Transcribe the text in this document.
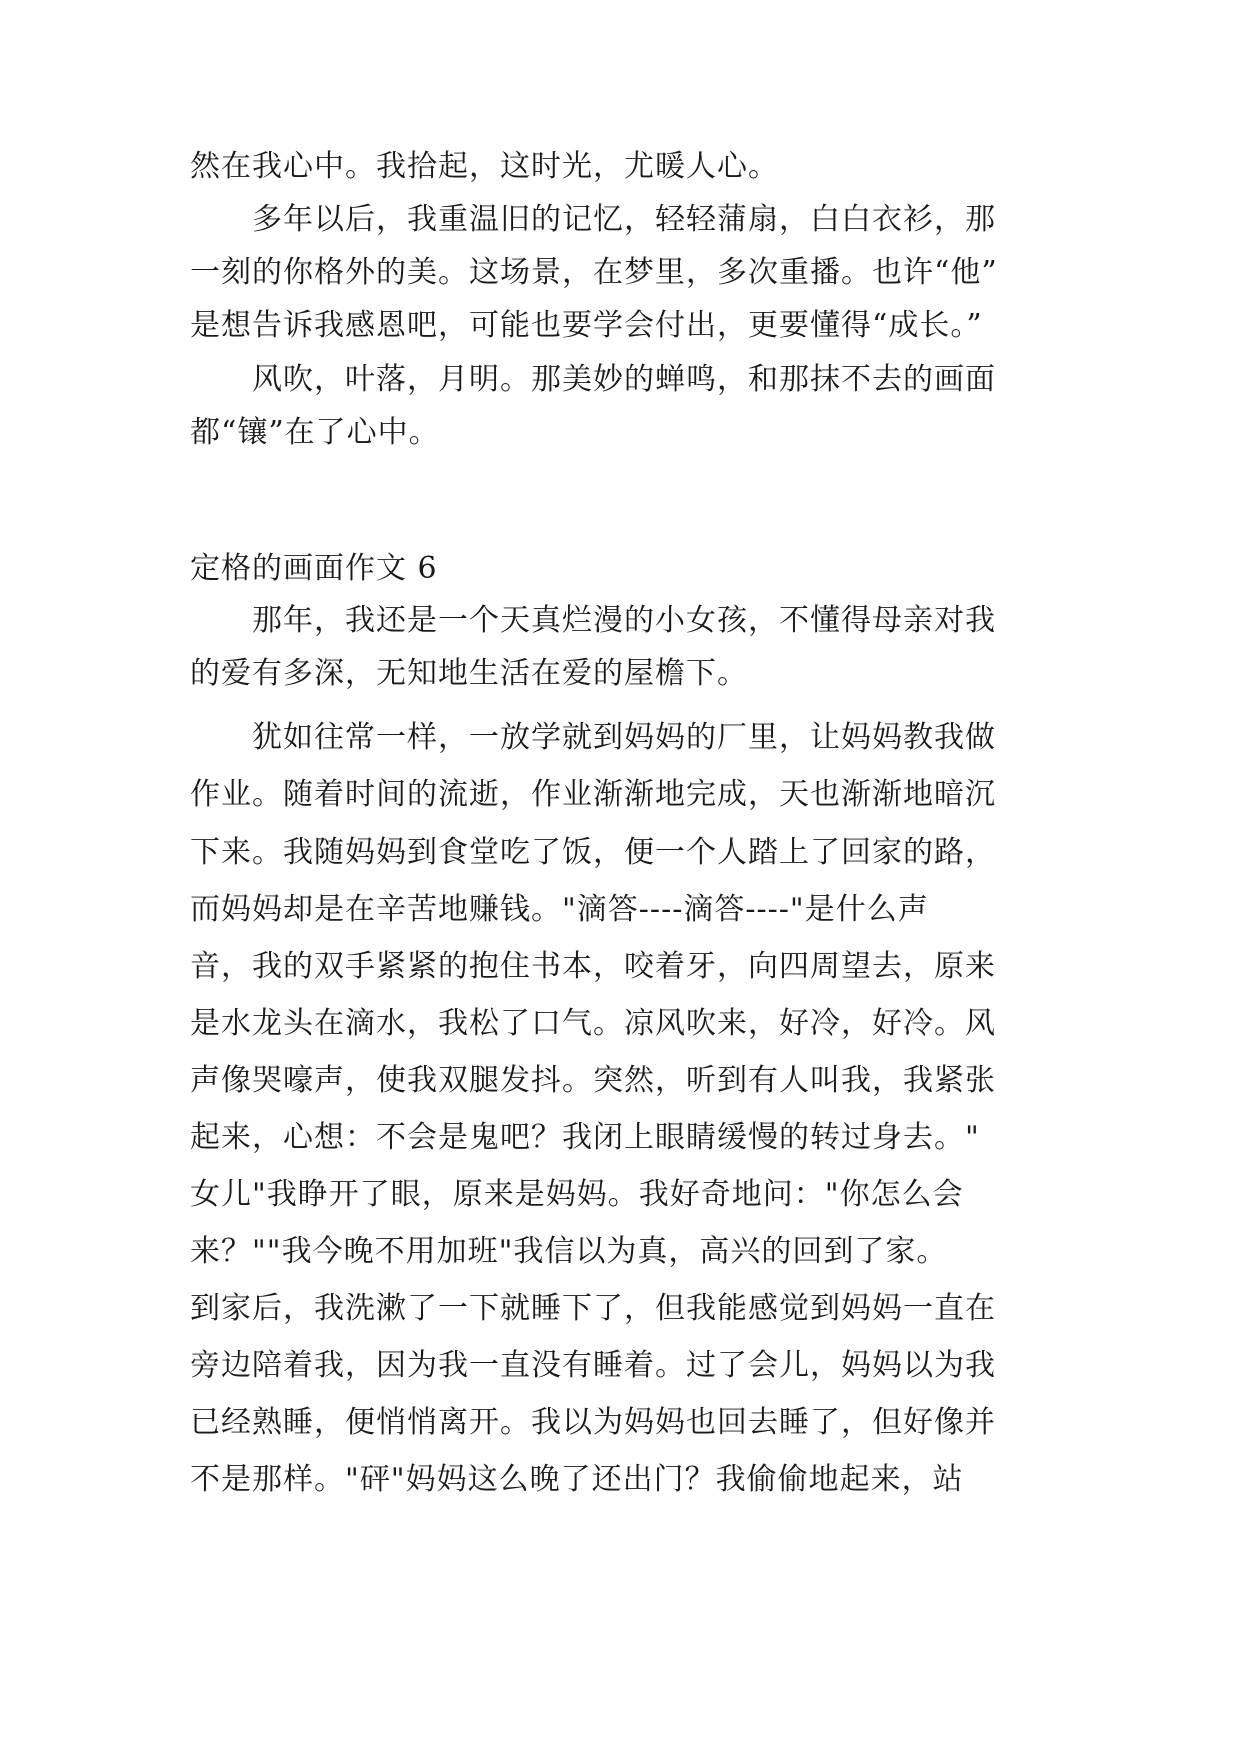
然在我心中。我拾起，这时光，尤暖人心。
多年以后，我重温旧的记忆，轻轻蒲扇，白白衣衫，那
一刻的你格外的美。这场景，在梦里，多次重播。也许“他”
是想告诉我感恩吧，可能也要学会付出，更要懂得“成长。”
风吹，叶落，月明。那美妙的蝉鸣，和那抹不去的画面
都“镶”在了心中。
定格的画面作文 6
那年，我还是一个天真烂漫的小女孩，不懂得母亲对我
的爱有多深，无知地生活在爱的屋檐下。
犹如往常一样，一放学就到妈妈的厂里，让妈妈教我做
作业。随着时间的流逝，作业渐渐地完成，天也渐渐地暗沉
下来。我随妈妈到食堂吃了饭，便一个人踏上了回家的路，
而妈妈却是在辛苦地赚钱。"滴答----滴答----"是什么声
音，我的双手紧紧的抱住书本，咬着牙，向四周望去，原来
是水龙头在滴水，我松了口气。凉风吹来，好冷，好冷。风
声像哭嚎声，使我双腿发抖。突然，听到有人叫我，我紧张
起来，心想：不会是鬼吧？我闭上眼睛缓慢的转过身去。"
女儿"我睁开了眼，原来是妈妈。我好奇地问："你怎么会
来？""我今晚不用加班"我信以为真，高兴的回到了家。
到家后，我洗漱了一下就睡下了，但我能感觉到妈妈一直在
旁边陪着我，因为我一直没有睡着。过了会儿，妈妈以为我
已经熟睡，便悄悄离开。我以为妈妈也回去睡了，但好像并
不是那样。"砰"妈妈这么晚了还出门？我偷偷地起来，站
